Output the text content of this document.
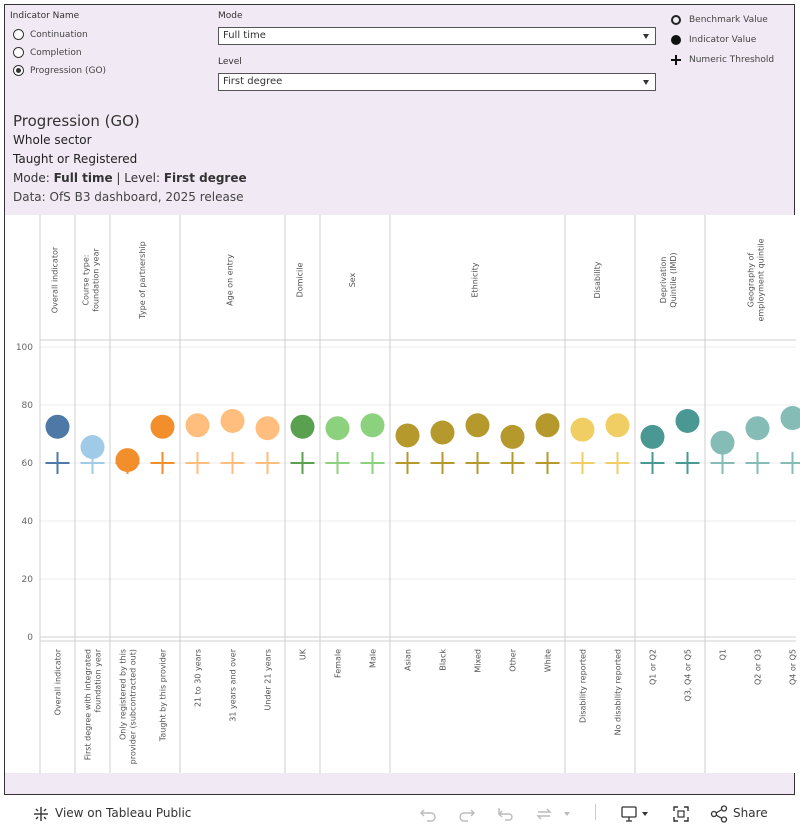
Indicator Name
Continuation
Completion
Progression (GO)
Mode
Full time
Level
First degree
Benchmark Value
Indicator Value
Numeric Threshold
Progression (GO)
Whole sector
Taught or Registered
Mode: Full time | Level: First degree
Data: OfS B3 dashboard, 2025 release
0
20
40
60
80
100
Overall indicator	Course type:foundation year	Type of partnership	Age on entry	Domicile	Sex	Ethnicity	Disability	DeprivationQuintile (IMD)	Geography ofemployment quintile
Overall indicator	First degree with integratedfoundation year Only registered by thisprovider (subcontracted out)	Taught by this provider	21 to 30 years	31 years and over	Under 21 years	UK	Female	Male	Asian	Black	Mixed	Other	White	Disability reported	No disability reported	Q1 or Q2	Q3, Q4 or Q5	Q1	Q2 or Q3	Q4 or Q5
View on Tableau Public	Share
